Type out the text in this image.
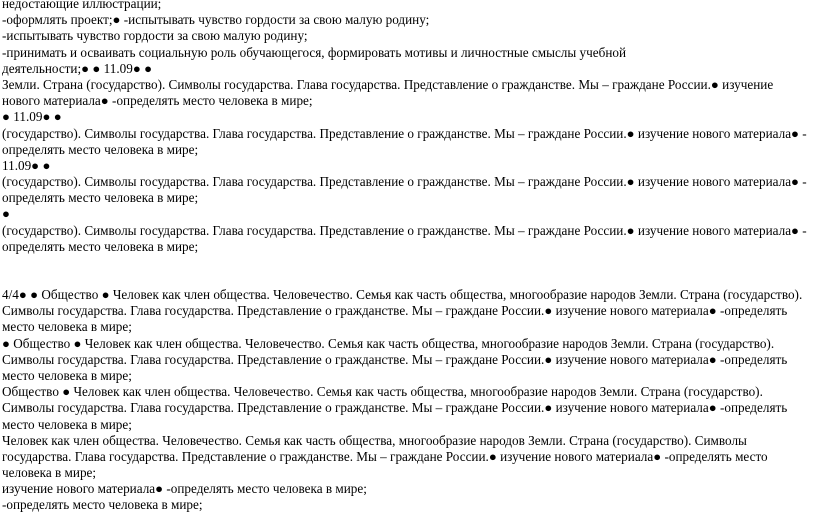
недостающие иллюстрации;
-оформлять проект;● -испытывать чувство гордости за свою малую родину;
-испытывать чувство гордости за свою малую родину;
-принимать и осваивать социальную роль обучающегося, формировать мотивы и личностные смыслы учебной
деятельности;● ● 11.09● ●
Земли. Страна (государство). Символы государства. Глава государства. Представление о гражданстве. Мы – граждане России.● изучение
нового материала● -определять место человека в мире;
● 11.09● ●
(государство). Символы государства. Глава государства. Представление о гражданстве. Мы – граждане России.● изучение нового материала● -
определять место человека в мире;
11.09● ●
(государство). Символы государства. Глава государства. Представление о гражданстве. Мы – граждане России.● изучение нового материала● -
определять место человека в мире;
●
(государство). Символы государства. Глава государства. Представление о гражданстве. Мы – граждане России.● изучение нового материала● -
определять место человека в мире;
4/4● ● Общество ● Человек как член общества. Человечество. Семья как часть общества, многообразие народов Земли. Страна (государство).
Символы государства. Глава государства. Представление о гражданстве. Мы – граждане России.● изучение нового материала● -определять
место человека в мире;
● Общество ● Человек как член общества. Человечество. Семья как часть общества, многообразие народов Земли. Страна (государство).
Символы государства. Глава государства. Представление о гражданстве. Мы – граждане России.● изучение нового материала● -определять
место человека в мире;
Общество ● Человек как член общества. Человечество. Семья как часть общества, многообразие народов Земли. Страна (государство).
Символы государства. Глава государства. Представление о гражданстве. Мы – граждане России.● изучение нового материала● -определять
место человека в мире;
Человек как член общества. Человечество. Семья как часть общества, многообразие народов Земли. Страна (государство). Символы
государства. Глава государства. Представление о гражданстве. Мы – граждане России.● изучение нового материала● -определять место
человека в мире;
изучение нового материала● -определять место человека в мире;
-определять место человека в мире;
